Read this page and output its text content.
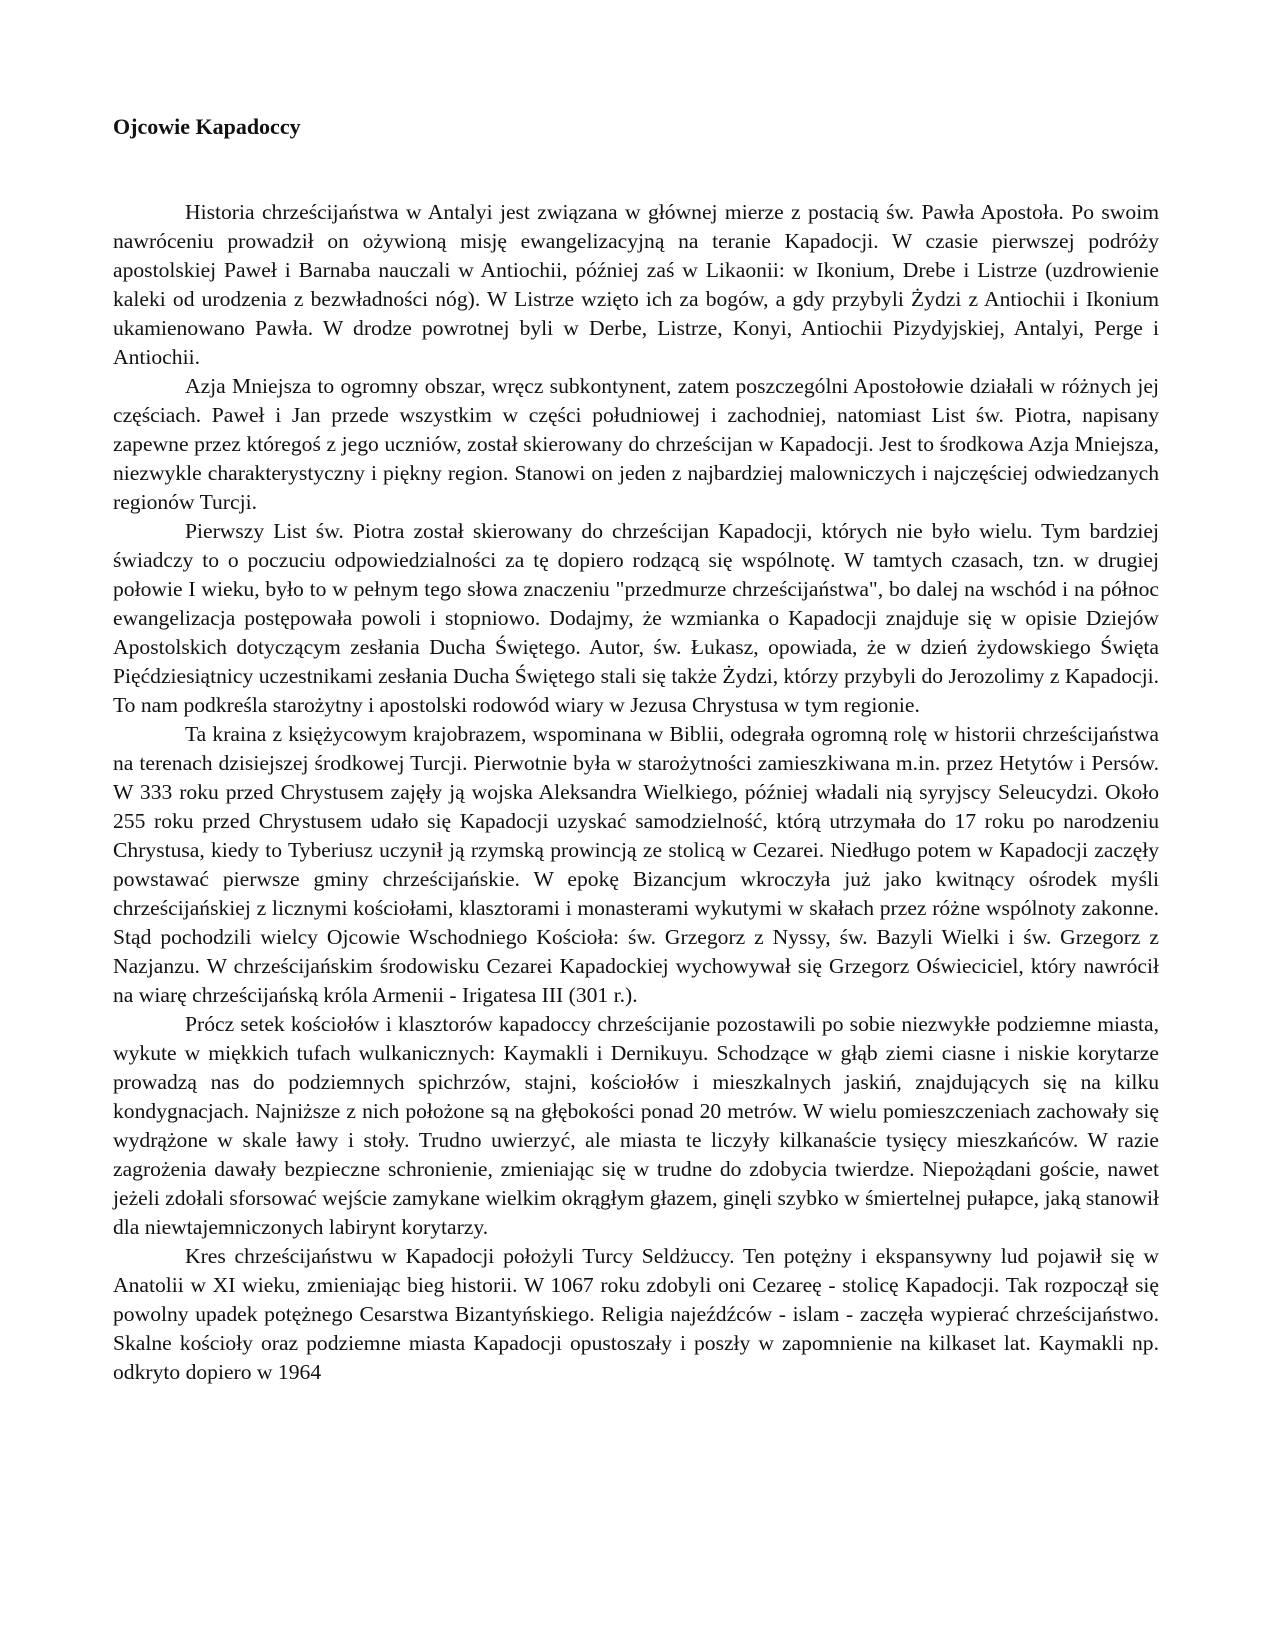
Ojcowie Kapadoccy

Historia chrześcijaństwa w Antalyi jest związana w głównej mierze z postacią św. Pawła Apostoła. Po swoim nawróceniu prowadził on ożywioną misję ewangelizacyjną na teranie Kapadocji. W czasie pierwszej podróży apostolskiej Paweł i Barnaba nauczali w Antiochii, później zaś w Likaonii: w Ikonium, Drebe i Listrze (uzdrowienie kaleki od urodzenia z bezwładności nóg). W Listrze wzięto ich za bogów, a gdy przybyli Żydzi z Antiochii i Ikonium ukamienowano Pawła. W drodze powrotnej byli w Derbe, Listrze, Konyi, Antiochii Pizydyjskiej, Antalyi, Perge i Antiochii.

Azja Mniejsza to ogromny obszar, wręcz subkontynent, zatem poszczególni Apostołowie działali w różnych jej częściach. Paweł i Jan przede wszystkim w części południowej i zachodniej, natomiast List św. Piotra, napisany zapewne przez któregoś z jego uczniów, został skierowany do chrześcijan w Kapadocji. Jest to środkowa Azja Mniejsza, niezwykle charakterystyczny i piękny region. Stanowi on jeden z najbardziej malowniczych i najczęściej odwiedzanych regionów Turcji.

Pierwszy List św. Piotra został skierowany do chrześcijan Kapadocji, których nie było wielu. Tym bardziej świadczy to o poczuciu odpowiedzialności za tę dopiero rodzącą się wspólnotę. W tamtych czasach, tzn. w drugiej połowie I wieku, było to w pełnym tego słowa znaczeniu "przedmurze chrześcijaństwa", bo dalej na wschód i na północ ewangelizacja postępowała powoli i stopniowo. Dodajmy, że wzmianka o Kapadocji znajduje się w opisie Dziejów Apostolskich dotyczącym zesłania Ducha Świętego. Autor, św. Łukasz, opowiada, że w dzień żydowskiego Święta Pięćdziesiątnicy uczestnikami zesłania Ducha Świętego stali się także Żydzi, którzy przybyli do Jerozolimy z Kapadocji. To nam podkreśla starożytny i apostolski rodowód wiary w Jezusa Chrystusa w tym regionie.

Ta kraina z księżycowym krajobrazem, wspominana w Biblii, odegrała ogromną rolę w historii chrześcijaństwa na terenach dzisiejszej środkowej Turcji. Pierwotnie była w starożytności zamieszkiwana m.in. przez Hetytów i Persów. W 333 roku przed Chrystusem zajęły ją wojska Aleksandra Wielkiego, później władali nią syryjscy Seleucydzi. Około 255 roku przed Chrystusem udało się Kapadocji uzyskać samodzielność, którą utrzymała do 17 roku po narodzeniu Chrystusa, kiedy to Tyberiusz uczynił ją rzymską prowincją ze stolicą w Cezarei. Niedługo potem w Kapadocji zaczęły powstawać pierwsze gminy chrześcijańskie. W epokę Bizancjum wkroczyła już jako kwitnący ośrodek myśli chrześcijańskiej z licznymi kościołami, klasztorami i monasterami wykutymi w skałach przez różne wspólnoty zakonne. Stąd pochodzili wielcy Ojcowie Wschodniego Kościoła: św. Grzegorz z Nyssy, św. Bazyli Wielki i św. Grzegorz z Nazjanzu. W chrześcijańskim środowisku Cezarei Kapadockiej wychowywał się Grzegorz Oświeciciel, który nawrócił na wiarę chrześcijańską króla Armenii - Irigatesa III (301 r.).

Prócz setek kościołów i klasztorów kapadoccy chrześcijanie pozostawili po sobie niezwykłe podziemne miasta, wykute w miękkich tufach wulkanicznych: Kaymakli i Dernikuyu. Schodzące w głąb ziemi ciasne i niskie korytarze prowadzą nas do podziemnych spichrzów, stajni, kościołów i mieszkalnych jaskiń, znajdujących się na kilku kondygnacjach. Najniższe z nich położone są na głębokości ponad 20 metrów. W wielu pomieszczeniach zachowały się wydrążone w skale ławy i stoły. Trudno uwierzyć, ale miasta te liczyły kilkanaście tysięcy mieszkańców. W razie zagrożenia dawały bezpieczne schronienie, zmieniając się w trudne do zdobycia twierdze. Niepożądani goście, nawet jeżeli zdołali sforsować wejście zamykane wielkim okrągłym głazem, ginęli szybko w śmiertelnej pułapce, jaką stanowił dla niewtajemniczonych labirynt korytarzy.

Kres chrześcijaństwu w Kapadocji położyli Turcy Seldżuccy. Ten potężny i ekspansywny lud pojawił się w Anatolii w XI wieku, zmieniając bieg historii. W 1067 roku zdobyli oni Cezareę - stolicę Kapadocji. Tak rozpoczął się powolny upadek potężnego Cesarstwa Bizantyńskiego. Religia najeźdźców - islam - zaczęła wypierać chrześcijaństwo. Skalne kościoły oraz podziemne miasta Kapadocji opustoszały i poszły w zapomnienie na kilkaset lat. Kaymakli np. odkryto dopiero w 1964
